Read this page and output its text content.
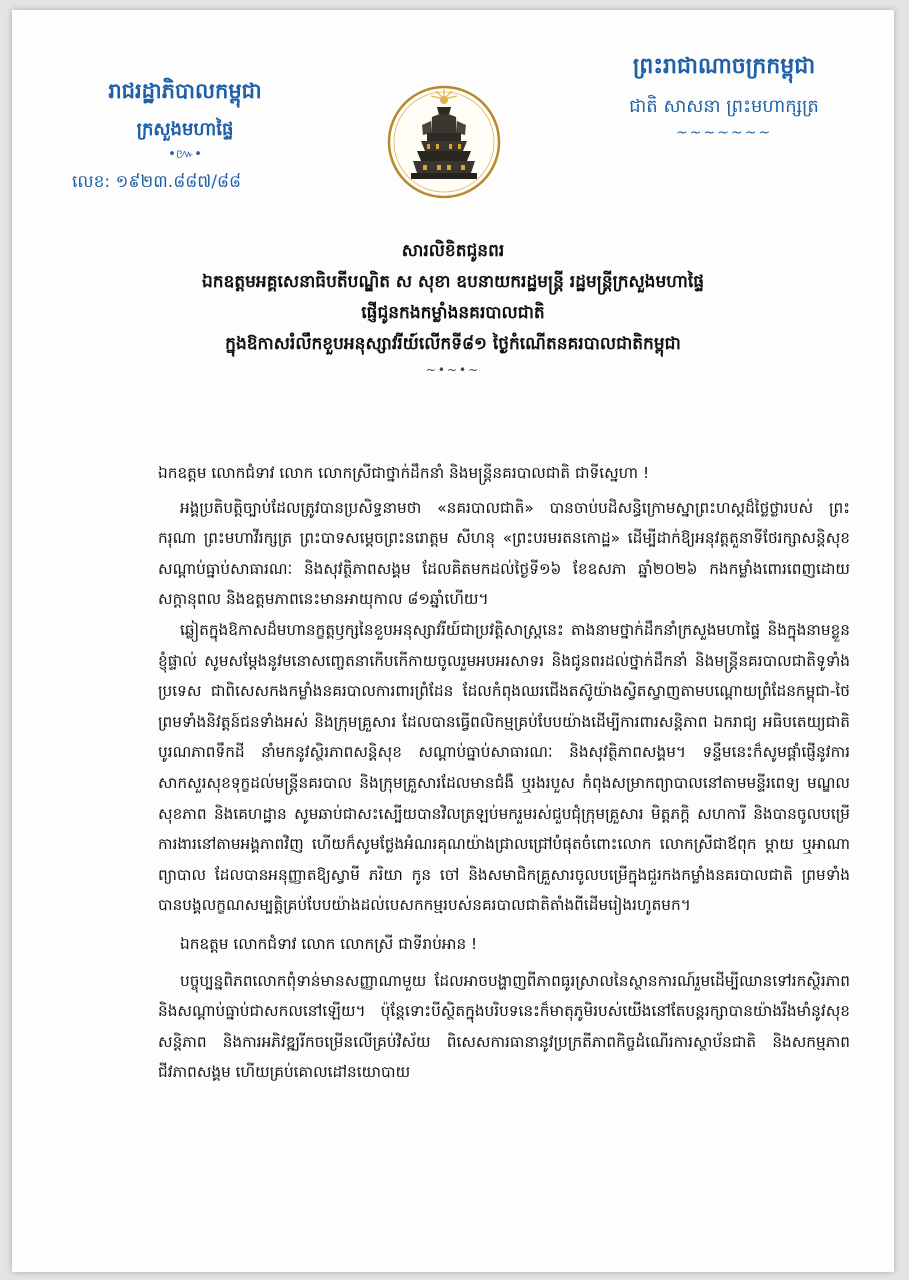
រាជរដ្ឋាភិបាលកម្ពុជា
ក្រសួងមហាផ្ទៃ
•៚•
លេខ: ១៩២៣.៨៨៧/៨៨
ព្រះរាជាណាចក្រកម្ពុជា
ជាតិ សាសនា ព្រះមហាក្សត្រ
~~~~~~~
សារលិខិតជូនពរ
ឯកឧត្តមអគ្គសេនាធិបតីបណ្ឌិត ស សុខា ឧបនាយករដ្ឋមន្ត្រី រដ្ឋមន្ត្រីក្រសួងមហាផ្ទៃ
ផ្ញើជូនកងកម្លាំងនគរបាលជាតិ
ក្នុងឱកាសរំលឹកខួបអនុស្សាវរីយ៍លើកទី៨១ ថ្ងៃកំណើតនគរបាលជាតិកម្ពុជា
~•~•~

ឯកឧត្តម លោកជំទាវ លោក លោកស្រីជាថ្នាក់ដឹកនាំ និងមន្ត្រីនគរបាលជាតិ ជាទីស្នេហា !

អង្គប្រតិបត្តិច្បាប់ដែលត្រូវបានប្រសិទ្ធនាមថា «នគរបាលជាតិ» បានចាប់បដិសន្ធិក្រោមស្នាព្រះហស្ដដ៏ថ្លៃថ្លារបស់ ព្រះករុណា ព្រះមហាវីរក្សត្រ ព្រះបាទសម្តេចព្រះនរោត្តម សីហនុ «ព្រះបរមរតនកោដ្ឋ» ដើម្បីដាក់ឱ្យអនុវត្តតួនាទីថែរក្សាសន្តិសុខ សណ្តាប់ធ្នាប់សាធារណៈ និងសុវត្ថិភាពសង្គម ដែលគិតមកដល់ថ្ងៃទី១៦ ខែឧសភា ឆ្នាំ២០២៦ កងកម្លាំងពោរពេញដោយសក្តានុពល និងឧត្តមភាពនេះមានអាយុកាល ៨១ឆ្នាំហើយ។

ឆ្លៀតក្នុងឱកាសដ៏មហានក្ខត្តឫក្សនៃខួបអនុស្សាវរីយ៍ជាប្រវត្តិសាស្ត្រនេះ តាងនាមថ្នាក់ដឹកនាំក្រសួងមហាផ្ទៃ និងក្នុងនាមខ្លួនខ្ញុំផ្ទាល់ សូមសម្តែងនូវមនោសញ្ចេតនាកើបកើកាយចូលរួមអបអរសាទរ និងជូនពរដល់ថ្នាក់ដឹកនាំ និងមន្ត្រីនគរបាលជាតិទូទាំងប្រទេស ជាពិសេសកងកម្លាំងនគរបាលការពារព្រំដែន ដែលកំពុងឈរជើងតស៊ូយ៉ាងស្វិតស្វាញតាមបណ្តោយព្រំដែនកម្ពុជា-ថៃ ព្រមទាំងនិវត្តន៍ជនទាំងអស់ និងក្រុមគ្រួសារ ដែលបានធ្វើពលិកម្មគ្រប់បែបយ៉ាងដើម្បីការពារសន្តិភាព ឯករាជ្យ អធិបតេយ្យជាតិ បូរណភាពទឹកដី នាំមកនូវស្ថិរភាពសន្តិសុខ សណ្តាប់ធ្នាប់សាធារណៈ និងសុវត្ថិភាពសង្គម។ ទន្ទឹមនេះក៏សូមផ្តាំផ្ញើនូវការសាកសួរសុខទុក្ខដល់មន្ត្រីនគរបាល និងក្រុមគ្រួសារដែលមានជំងឺ ឬរងរបួស កំពុងសម្រាកព្យាបាលនៅតាមមន្ទីរពេទ្យ មណ្ឌលសុខភាព និងគេហដ្ឋាន សូមឆាប់ជាសះស្បើយបានវិលត្រឡប់មករួមរស់ជួបជុំក្រុមគ្រួសារ មិត្តភក្តិ សហការី និងបានចូលបម្រើការងារនៅតាមអង្គភាពវិញ ហើយក៏សូមថ្លែងអំណរគុណយ៉ាងជ្រាលជ្រៅបំផុតចំពោះលោក លោកស្រីជាឪពុក ម្តាយ ឬអាណាព្យាបាល ដែលបានអនុញ្ញាតឱ្យស្វាមី ភរិយា កូន ចៅ និងសមាជិកគ្រួសារចូលបម្រើក្នុងជួរកងកម្លាំងនគរបាលជាតិ ព្រមទាំងបានបង្គលក្ខណសម្បត្តិគ្រប់បែបយ៉ាងដល់បេសកកម្មរបស់នគរបាលជាតិតាំងពីដើមរៀងរហូតមក។

ឯកឧត្តម លោកជំទាវ លោក លោកស្រី ជាទីរាប់អាន !

បច្ចុប្បន្នពិភពលោកពុំទាន់មានសញ្ញាណាមួយ ដែលអាចបង្ហាញពីភាពធូរស្រាលនៃស្ថានការណ៍រួមដើម្បីឈានទៅរកស្ថិរភាព និងសណ្តាប់ធ្នាប់ជាសកលនៅឡើយ។ ប៉ុន្តែទោះបីស្ថិតក្នុងបរិបទនេះក៏មាតុភូមិរបស់យើងនៅតែបន្តរក្សាបានយ៉ាងរឹងមាំនូវសុខសន្តិភាព និងការអភិវឌ្ឍរីកចម្រើនលើគ្រប់វិស័យ ពិសេសការធានានូវប្រក្រតីភាពកិច្ចដំណើរការស្ថាប័នជាតិ និងសកម្មភាពជីវភាពសង្គម ហើយគ្រប់គោលដៅនយោបាយ
